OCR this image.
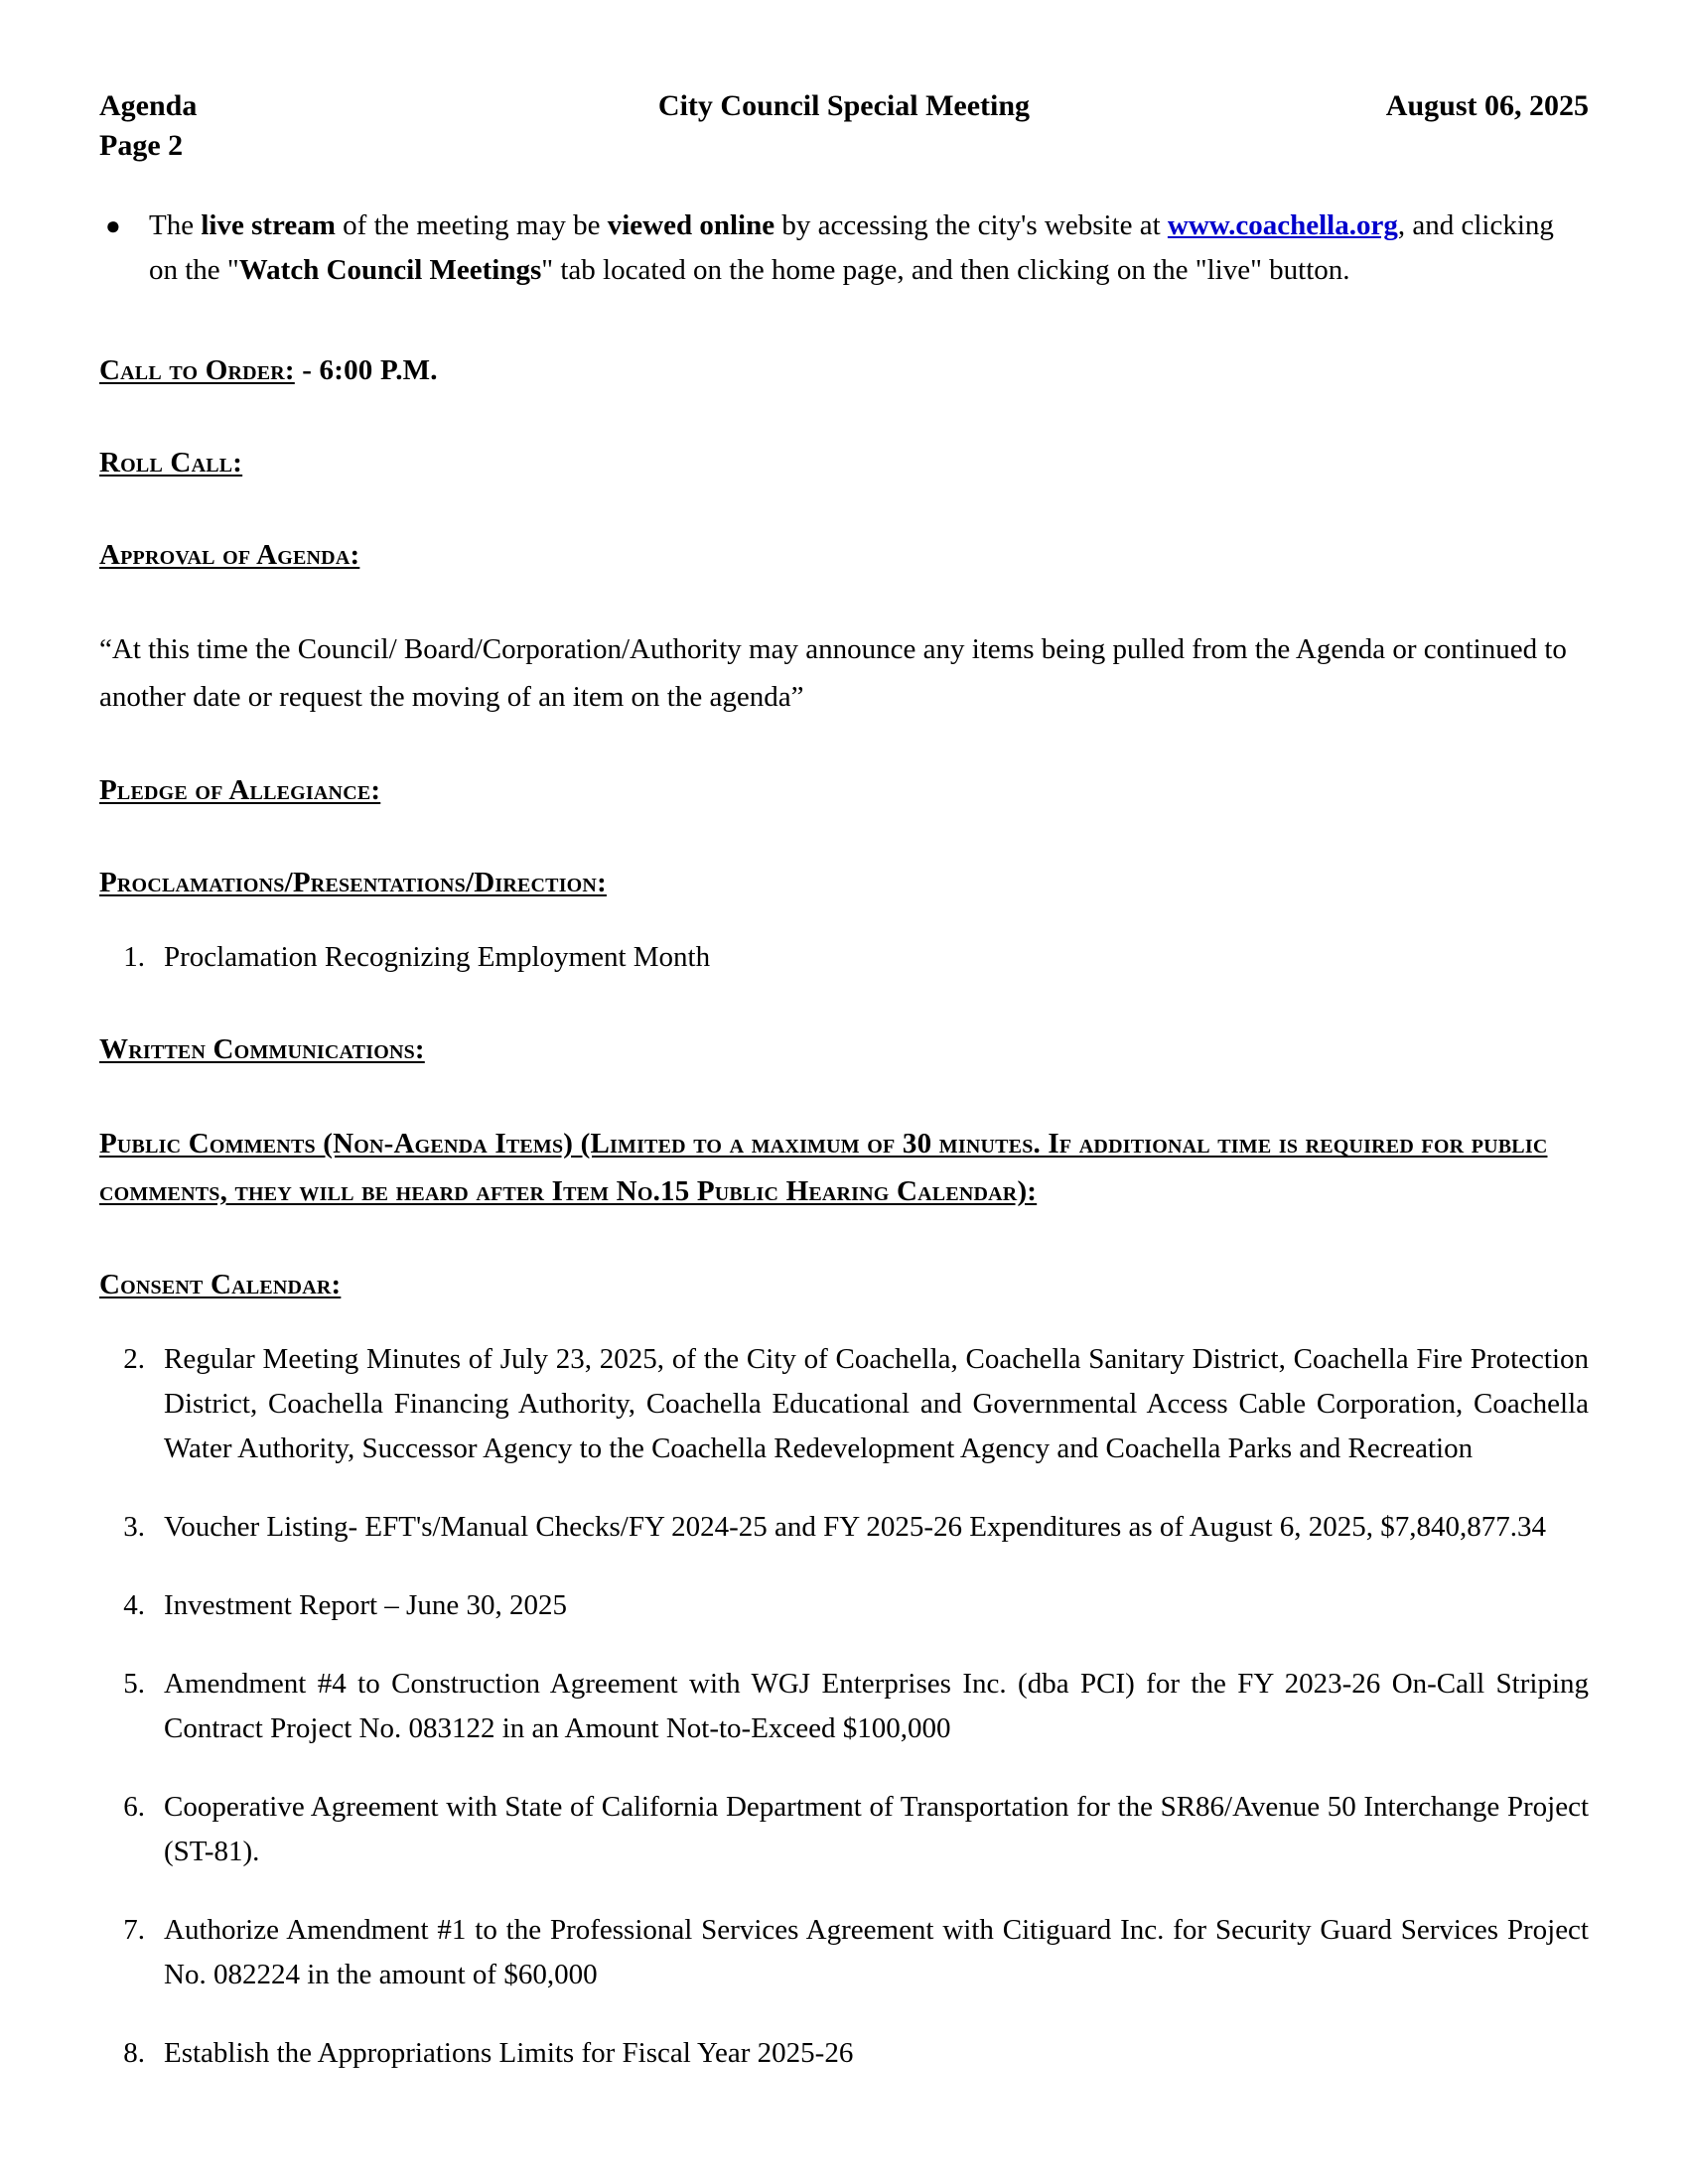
Agenda	City Council Special Meeting	August 06, 2025
Page 2
● The live stream of the meeting may be viewed online by accessing the city's website at www.coachella.org, and clicking on the "Watch Council Meetings" tab located on the home page, and then clicking on the "live" button.
Call to Order: - 6:00 P.M.
Roll Call:
Approval of Agenda:
“At this time the Council/ Board/Corporation/Authority may announce any items being pulled from the Agenda or continued to another date or request the moving of an item on the agenda”
Pledge of Allegiance:
Proclamations/Presentations/Direction:
1. Proclamation Recognizing Employment Month
Written Communications:
Public Comments (Non-Agenda Items) (Limited to a maximum of 30 minutes. If additional time is required for public comments, they will be heard after Item No.15 Public Hearing Calendar):
Consent Calendar:
2. Regular Meeting Minutes of July 23, 2025, of the City of Coachella, Coachella Sanitary District, Coachella Fire Protection District, Coachella Financing Authority, Coachella Educational and Governmental Access Cable Corporation, Coachella Water Authority, Successor Agency to the Coachella Redevelopment Agency and Coachella Parks and Recreation
3. Voucher Listing- EFT's/Manual Checks/FY 2024-25 and FY 2025-26 Expenditures as of August 6, 2025, $7,840,877.34
4. Investment Report – June 30, 2025
5. Amendment #4 to Construction Agreement with WGJ Enterprises Inc. (dba PCI) for the FY 2023-26 On-Call Striping Contract Project No. 083122 in an Amount Not-to-Exceed $100,000
6. Cooperative Agreement with State of California Department of Transportation for the SR86/Avenue 50 Interchange Project (ST-81).
7. Authorize Amendment #1 to the Professional Services Agreement with Citiguard Inc. for Security Guard Services Project No. 082224 in the amount of $60,000
8. Establish the Appropriations Limits for Fiscal Year 2025-26
